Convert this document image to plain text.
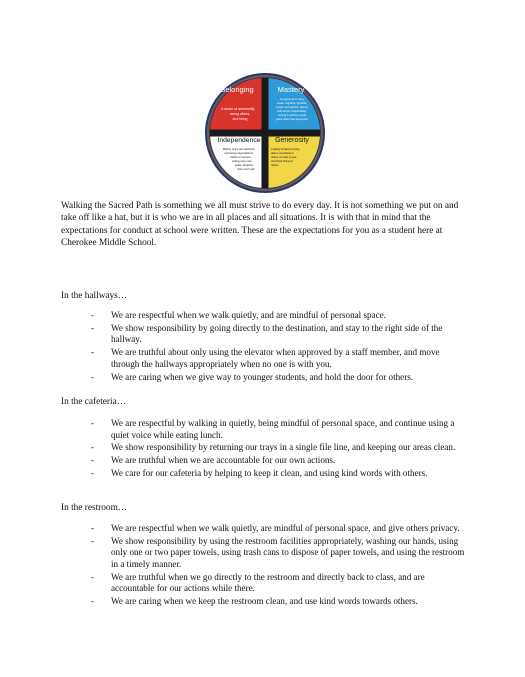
Belonging	Mastery
Independence Generosity
A sense of community,
loving others,
and being
Competence in many
areas: cognitive, physical,
social, and spiritual. Having
self-control, responsibility,
striving to achieve social
goals rather than egocentric
Making one's own decisions
and being responsible for
failure or success,
setting one's own
goals, discipline
from one's self
Looking forward to being
able to contribute to
others, be able to give
cherished things to
others.

Walking the Sacred Path is something we all must strive to do every day. It is not something we put on and take off like a hat, but it is who we are in all places and all situations. It is with that in mind that the expectations for conduct at school were written. These are the expectations for you as a student here at Cherokee Middle School.

In the hallways…

- We are respectful when we walk quietly, and are mindful of personal space.
- We show responsibility by going directly to the destination, and stay to the right side of the hallway.
- We are truthful about only using the elevator when approved by a staff member, and move through the hallways appropriately when no one is with you.
- We are caring when we give way to younger students, and hold the door for others.

In the cafeteria…

- We are respectful by walking in quietly, being mindful of personal space, and continue using a quiet voice while eating lunch.
- We show responsibility by returning our trays in a single file line, and keeping our areas clean.
- We are truthful when we are accountable for our own actions.
- We care for our cafeteria by helping to keep it clean, and using kind words with others.

In the restroom…

- We are respectful when we walk quietly, are mindful of personal space, and give others privacy.
- We show responsibility by using the restroom facilities appropriately, washing our hands, using only one or two paper towels, using trash cans to dispose of paper towels, and using the restroom in a timely manner.
- We are truthful when we go directly to the restroom and directly back to class, and are accountable for our actions while there.
- We are caring when we keep the restroom clean, and use kind words towards others.
